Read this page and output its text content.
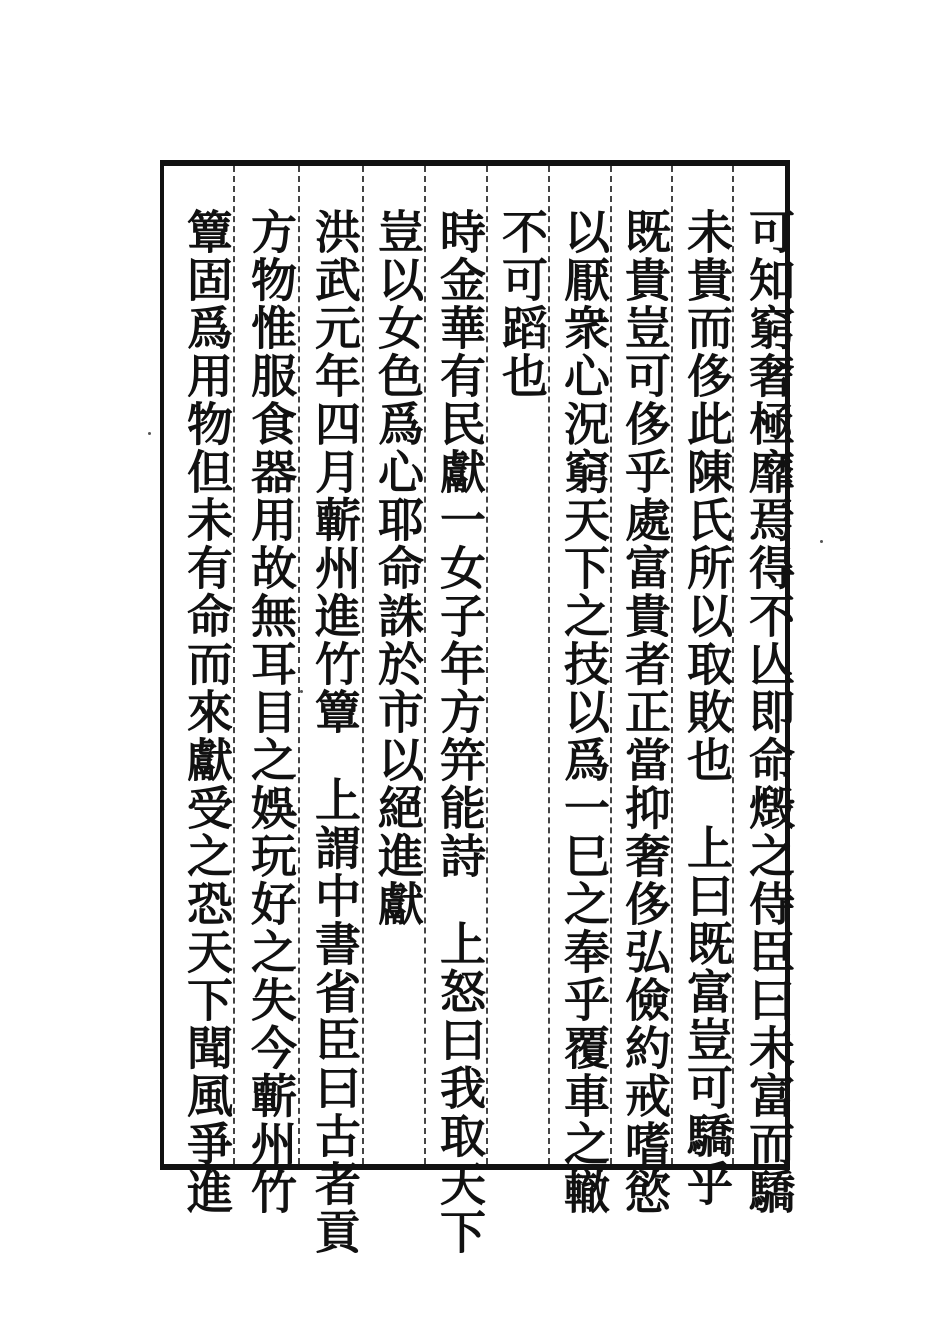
可知窮奢極靡焉得不亾即命燬之侍臣曰未富而驕
未貴而侈此陳氏所以取敗也上曰既富豈可驕乎
既貴豈可侈乎處富貴者正當抑奢侈弘儉約戒嗜慾
以厭衆心況窮天下之技以爲一巳之奉乎覆車之轍
不可蹈也
時金華有民獻一女子年方笄能詩上怒曰我取天下
豈以女色爲心耶命誅於市以絕進獻
洪武元年四月蘄州進竹簟上謂中書省臣曰古者貢
方物惟服食器用故無耳目之娛玩好之失今蘄州竹
簟固爲用物但未有命而來獻受之恐天下聞風爭進
